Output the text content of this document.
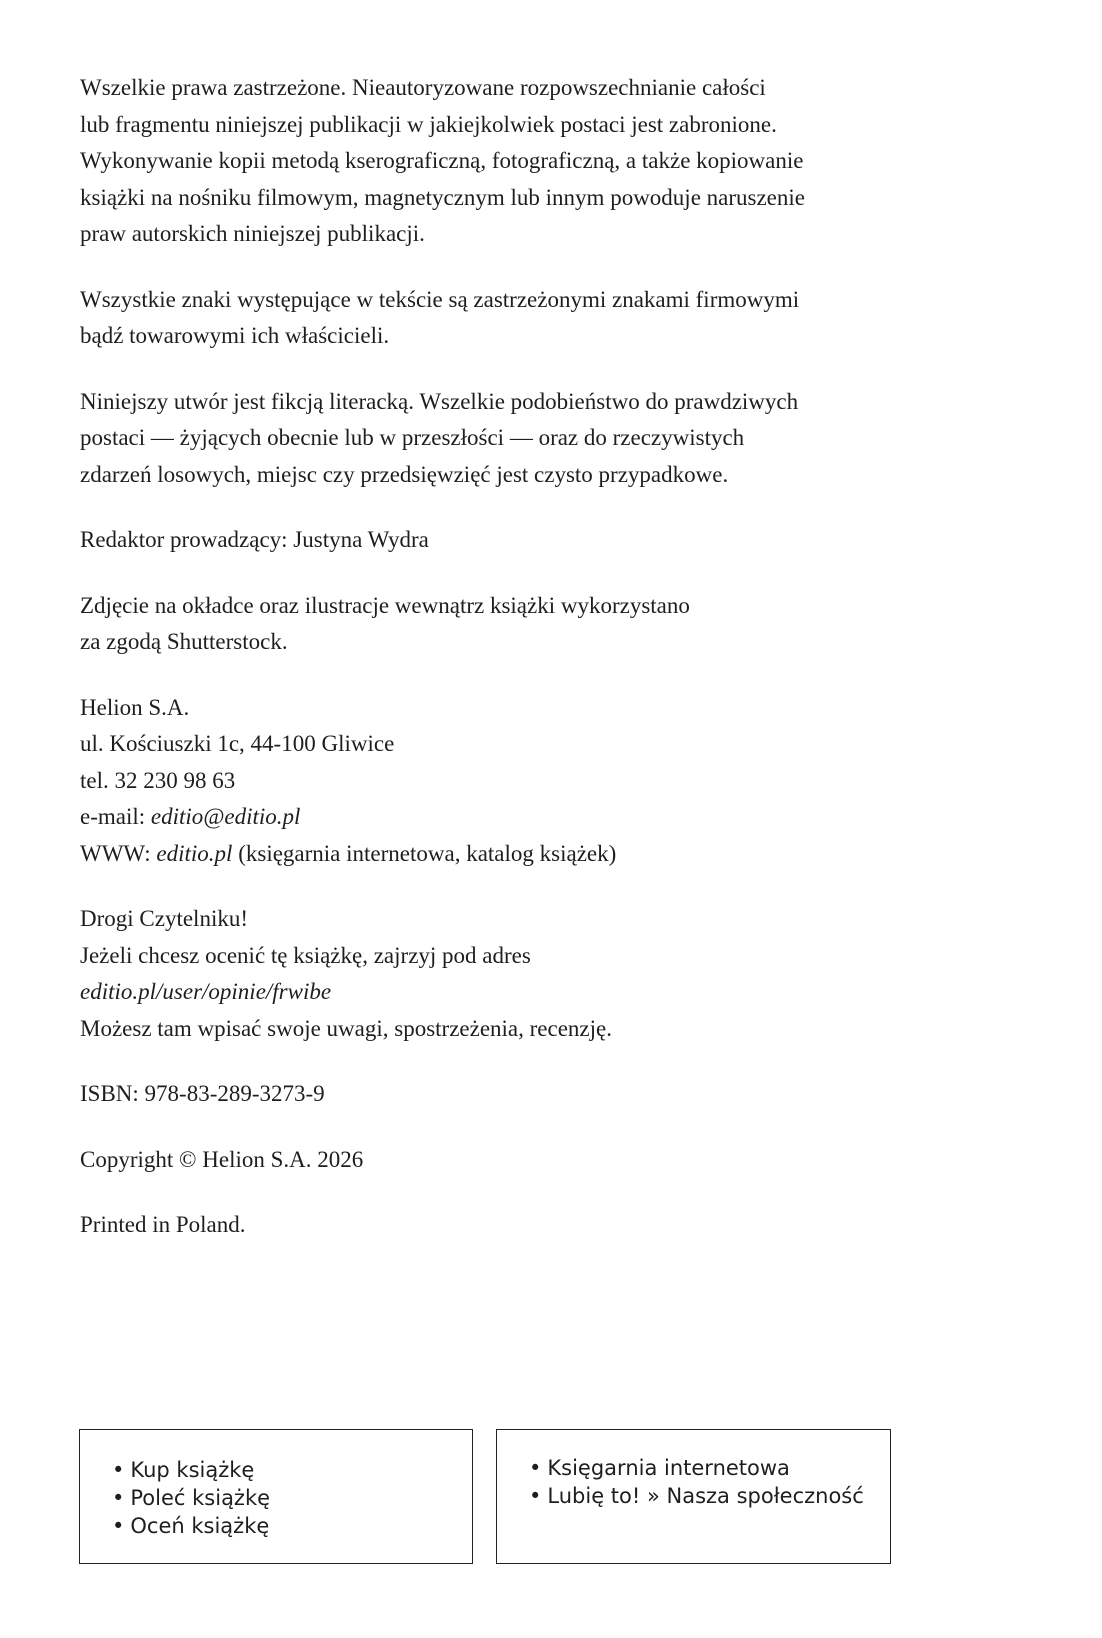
Wszelkie prawa zastrzeżone. Nieautoryzowane rozpowszechnianie całości
lub fragmentu niniejszej publikacji w jakiejkolwiek postaci jest zabronione.
Wykonywanie kopii metodą kserograficzną, fotograficzną, a także kopiowanie
książki na nośniku filmowym, magnetycznym lub innym powoduje naruszenie
praw autorskich niniejszej publikacji.

Wszystkie znaki występujące w tekście są zastrzeżonymi znakami firmowymi
bądź towarowymi ich właścicieli.

Niniejszy utwór jest fikcją literacką. Wszelkie podobieństwo do prawdziwych
postaci — żyjących obecnie lub w przeszłości — oraz do rzeczywistych
zdarzeń losowych, miejsc czy przedsięwzięć jest czysto przypadkowe.

Redaktor prowadzący: Justyna Wydra

Zdjęcie na okładce oraz ilustracje wewnątrz książki wykorzystano
za zgodą Shutterstock.

Helion S.A.
ul. Kościuszki 1c, 44-100 Gliwice
tel. 32 230 98 63
e-mail: editio@editio.pl
WWW: editio.pl (księgarnia internetowa, katalog książek)

Drogi Czytelniku!
Jeżeli chcesz ocenić tę książkę, zajrzyj pod adres
editio.pl/user/opinie/frwibe
Możesz tam wpisać swoje uwagi, spostrzeżenia, recenzję.

ISBN: 978-83-289-3273-9

Copyright © Helion S.A. 2026

Printed in Poland.

• Kup książkę
• Poleć książkę
• Oceń książkę
• Księgarnia internetowa
• Lubię to! » Nasza społeczność
